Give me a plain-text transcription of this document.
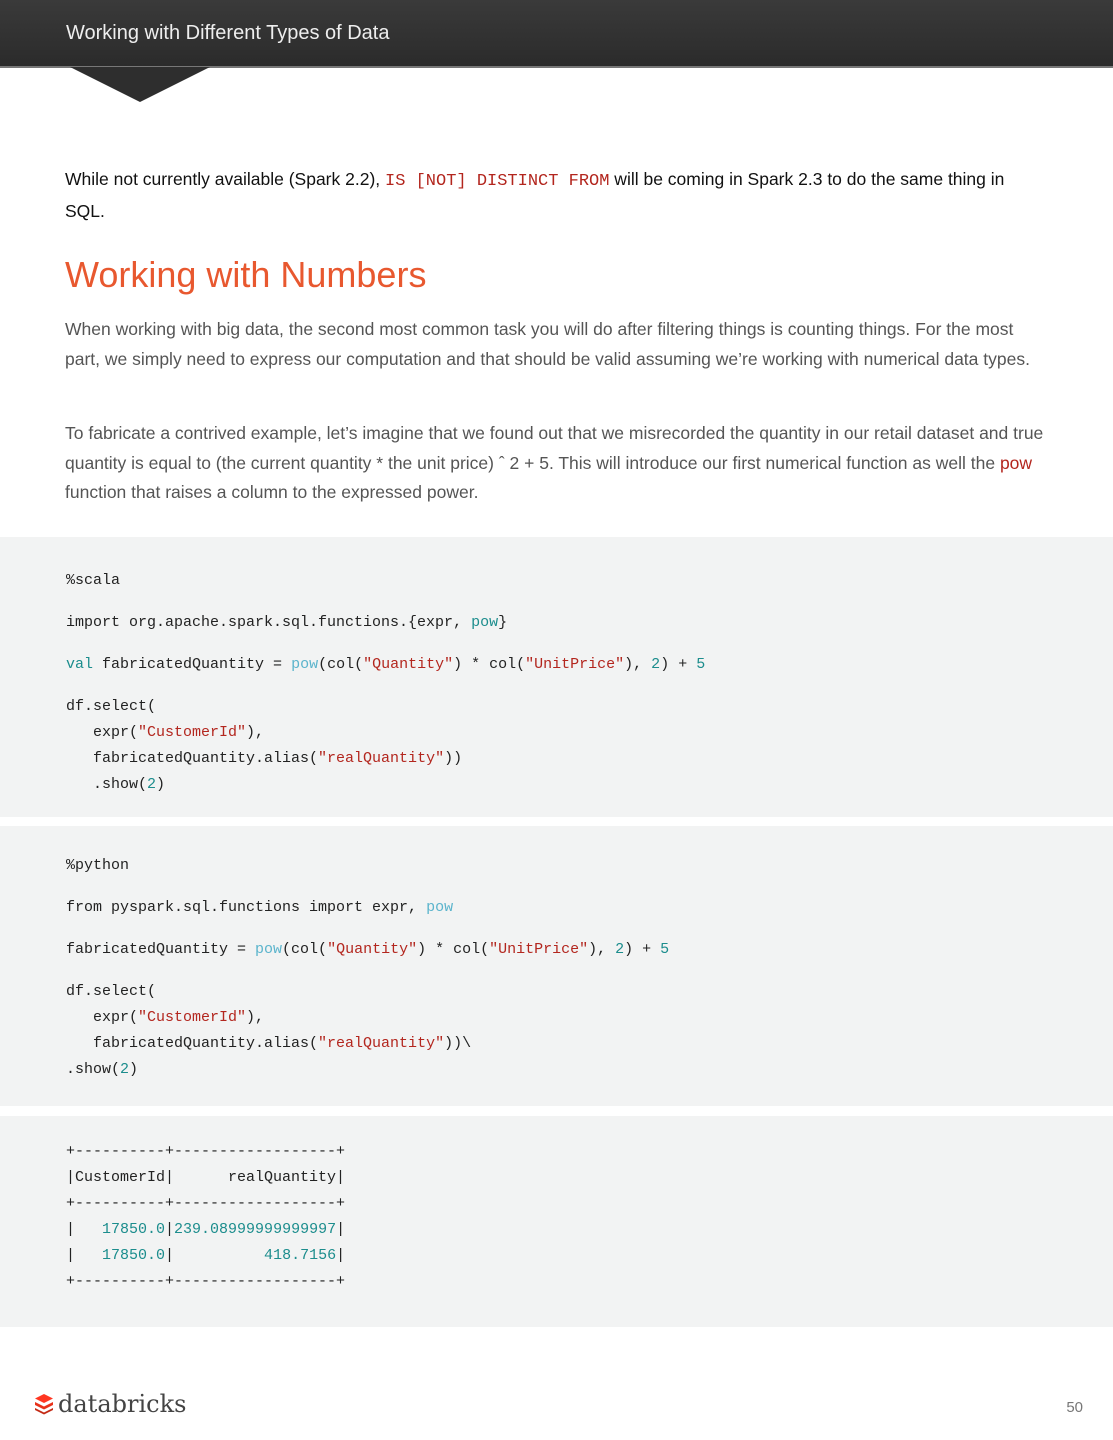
Working with Different Types of Data
While not currently available (Spark 2.2), IS [NOT] DISTINCT FROM will be coming in Spark 2.3 to do the same thing in SQL.
Working with Numbers
When working with big data, the second most common task you will do after filtering things is counting things. For the most part, we simply need to express our computation and that should be valid assuming we’re working with numerical data types.
To fabricate a contrived example, let’s imagine that we found out that we misrecorded the quantity in our retail dataset and true quantity is equal to (the current quantity * the unit price) ˆ 2 + 5. This will introduce our first numerical function as well the pow function that raises a column to the expressed power.
%scala
import org.apache.spark.sql.functions.{expr, pow}
val fabricatedQuantity = pow(col("Quantity") * col("UnitPrice"), 2) + 5
df.select(
expr("CustomerId"),
fabricatedQuantity.alias("realQuantity"))
.show(2)
%python
from pyspark.sql.functions import expr, pow
fabricatedQuantity = pow(col("Quantity") * col("UnitPrice"), 2) + 5
df.select(
expr("CustomerId"),
fabricatedQuantity.alias("realQuantity"))\
.show(2)
+----------+------------------+
|CustomerId|      realQuantity|
+----------+------------------+
|   17850.0|239.08999999999997|
|   17850.0|          418.7156|
+----------+------------------+
databricks	50
